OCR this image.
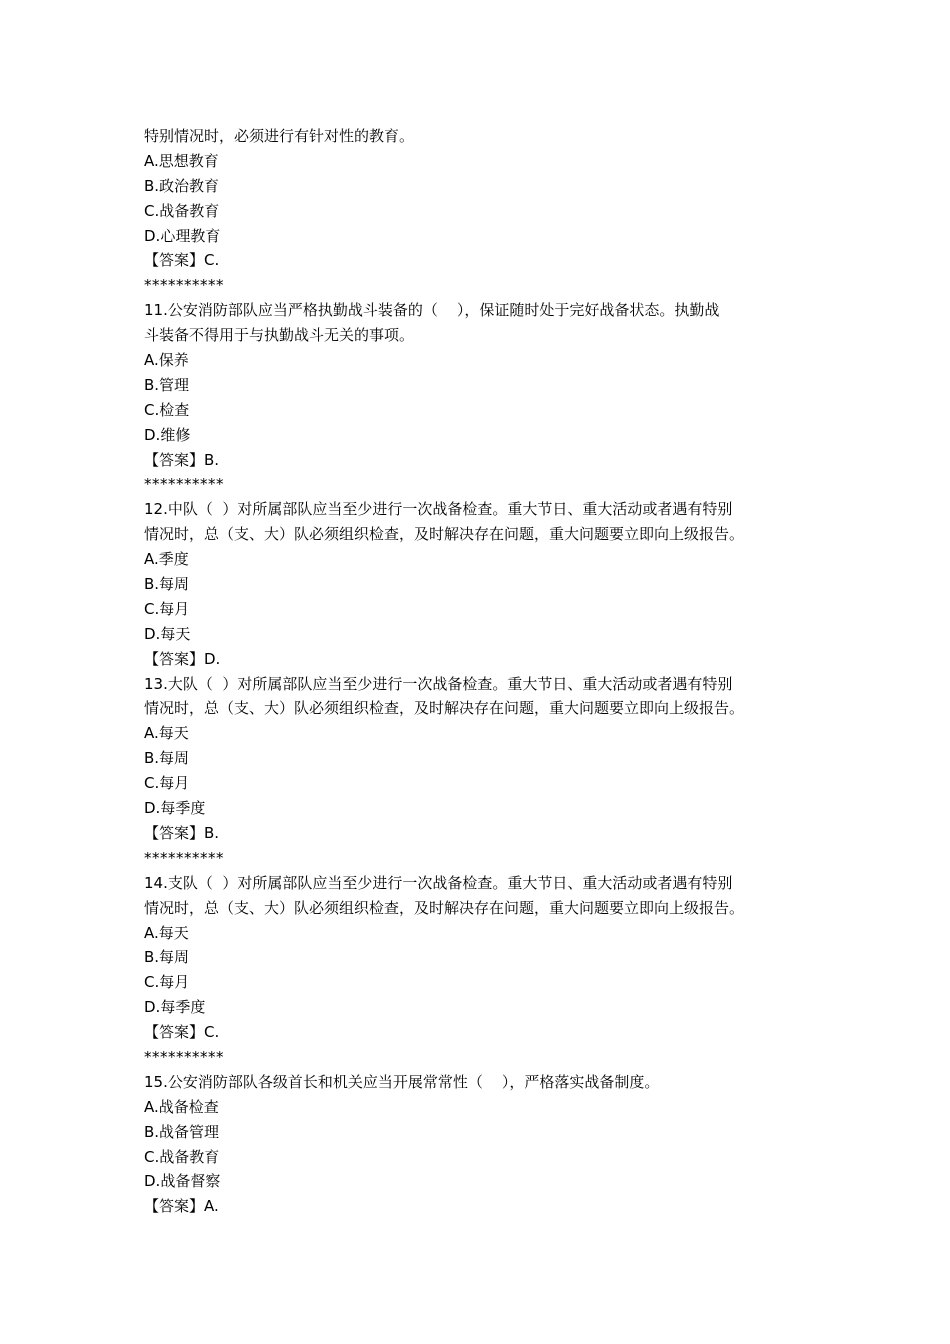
特别情况时，必须进行有针对性的教育。
A.思想教育
B.政治教育
C.战备教育
D.心理教育
【答案】C.
**********
11.公安消防部队应当严格执勤战斗装备的（    ），保证随时处于完好战备状态。执勤战
斗装备不得用于与执勤战斗无关的事项。
A.保养
B.管理
C.检查
D.维修
【答案】B.
**********
12.中队（  ）对所属部队应当至少进行一次战备检查。重大节日、重大活动或者遇有特别
情况时，总（支、大）队必须组织检查，及时解决存在问题，重大问题要立即向上级报告。
A.季度
B.每周
C.每月
D.每天
【答案】D.
13.大队（  ）对所属部队应当至少进行一次战备检查。重大节日、重大活动或者遇有特别
情况时，总（支、大）队必须组织检查，及时解决存在问题，重大问题要立即向上级报告。
A.每天
B.每周
C.每月
D.每季度
【答案】B.
**********
14.支队（  ）对所属部队应当至少进行一次战备检查。重大节日、重大活动或者遇有特别
情况时，总（支、大）队必须组织检查，及时解决存在问题，重大问题要立即向上级报告。
A.每天
B.每周
C.每月
D.每季度
【答案】C.
**********
15.公安消防部队各级首长和机关应当开展常常性（    ），严格落实战备制度。
A.战备检查
B.战备管理
C.战备教育
D.战备督察
【答案】A.
